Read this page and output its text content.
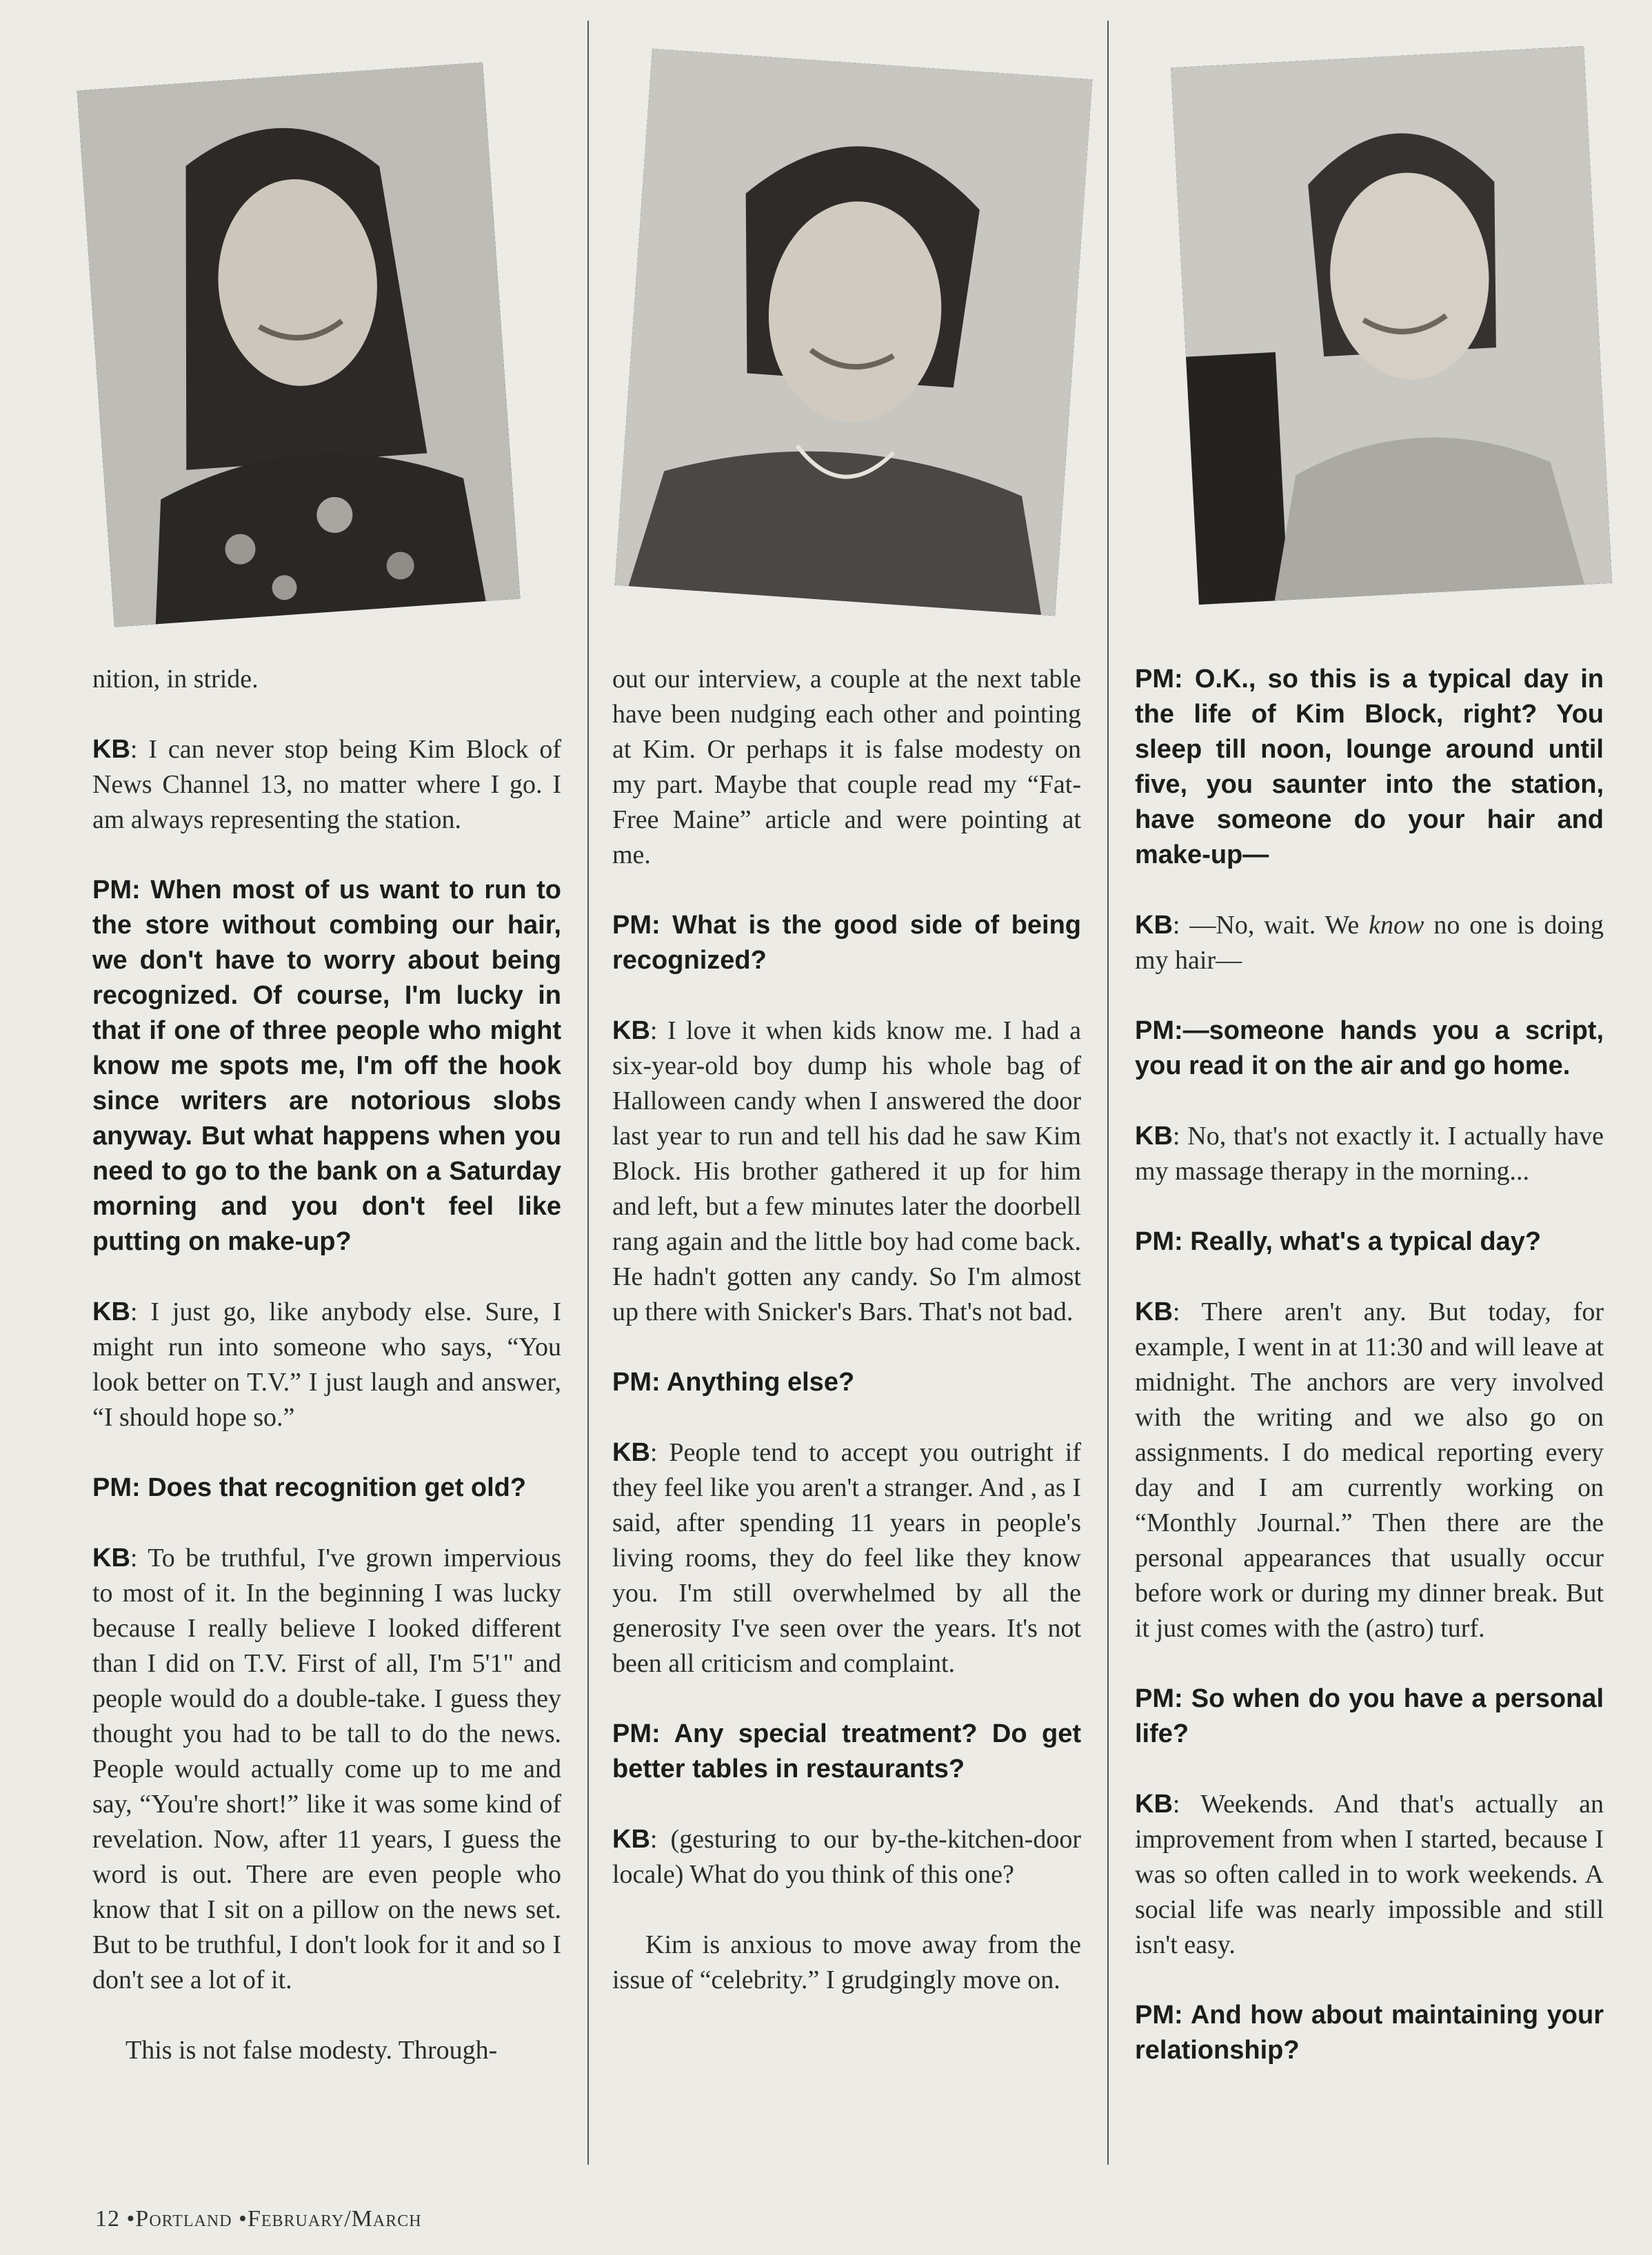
nition, in stride.

KB: I can never stop being Kim Block of News Channel 13, no matter where I go. I am always representing the station.

PM: When most of us want to run to the store without combing our hair, we don't have to worry about being recognized. Of course, I'm lucky in that if one of three people who might know me spots me, I'm off the hook since writers are notorious slobs anyway. But what happens when you need to go to the bank on a Saturday morning and you don't feel like putting on make-up?

KB: I just go, like anybody else. Sure, I might run into someone who says, “You look better on T.V.” I just laugh and answer, “I should hope so.”

PM: Does that recognition get old?

KB: To be truthful, I've grown impervious to most of it. In the beginning I was lucky because I really believe I looked different than I did on T.V. First of all, I'm 5'1" and people would do a double-take. I guess they thought you had to be tall to do the news. People would actually come up to me and say, “You're short!” like it was some kind of revelation. Now, after 11 years, I guess the word is out. There are even people who know that I sit on a pillow on the news set. But to be truthful, I don't look for it and so I don't see a lot of it.

This is not false modesty. Through-

out our interview, a couple at the next table have been nudging each other and pointing at Kim. Or perhaps it is false modesty on my part. Maybe that couple read my “Fat-Free Maine” article and were pointing at me.

PM: What is the good side of being recognized?

KB: I love it when kids know me. I had a six-year-old boy dump his whole bag of Halloween candy when I answered the door last year to run and tell his dad he saw Kim Block. His brother gathered it up for him and left, but a few minutes later the doorbell rang again and the little boy had come back. He hadn't gotten any candy. So I'm almost up there with Snicker's Bars. That's not bad.

PM: Anything else?

KB: People tend to accept you outright if they feel like you aren't a stranger. And , as I said, after spending 11 years in people's living rooms, they do feel like they know you. I'm still overwhelmed by all the generosity I've seen over the years. It's not been all criticism and complaint.

PM: Any special treatment? Do get better tables in restaurants?

KB: (gesturing to our by-the-kitchen-door locale) What do you think of this one?

Kim is anxious to move away from the issue of “celebrity.” I grudgingly move on.

PM: O.K., so this is a typical day in the life of Kim Block, right? You sleep till noon, lounge around until five, you saunter into the station, have someone do your hair and make-up—

KB: —No, wait. We know no one is doing my hair—

PM:—someone hands you a script, you read it on the air and go home.

KB: No, that's not exactly it. I actually have my massage therapy in the morning...

PM: Really, what's a typical day?

KB: There aren't any. But today, for example, I went in at 11:30 and will leave at midnight. The anchors are very involved with the writing and we also go on assignments. I do medical reporting every day and I am currently working on “Monthly Journal.” Then there are the personal appearances that usually occur before work or during my dinner break. But it just comes with the (astro) turf.

PM: So when do you have a personal life?

KB: Weekends. And that's actually an improvement from when I started, because I was so often called in to work weekends. A social life was nearly impossible and still isn't easy.

PM: And how about maintaining your relationship?

12 •Portland •February/March
